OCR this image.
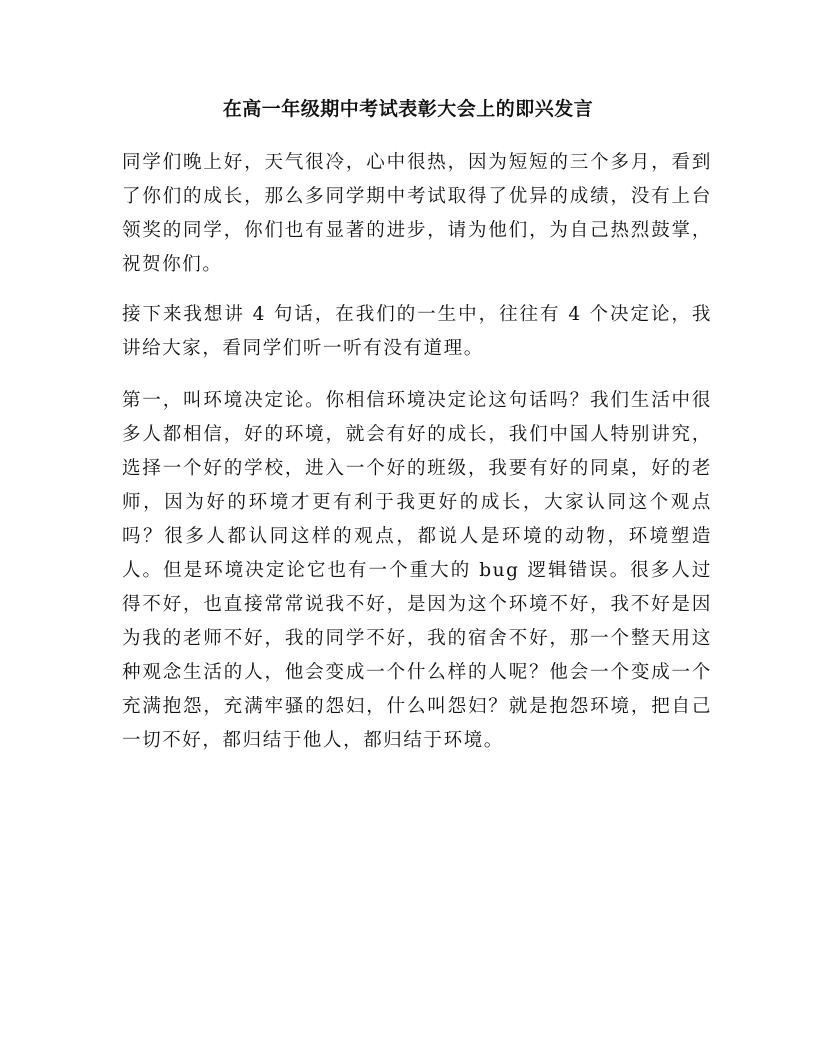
在高一年级期中考试表彰大会上的即兴发言

同学们晚上好，天气很冷，心中很热，因为短短的三个多月，看到了你们的成长，那么多同学期中考试取得了优异的成绩，没有上台领奖的同学，你们也有显著的进步，请为他们，为自己热烈鼓掌，祝贺你们。

接下来我想讲 4 句话，在我们的一生中，往往有 4 个决定论，我讲给大家，看同学们听一听有没有道理。

第一，叫环境决定论。你相信环境决定论这句话吗？我们生活中很多人都相信，好的环境，就会有好的成长，我们中国人特别讲究，选择一个好的学校，进入一个好的班级，我要有好的同桌，好的老师，因为好的环境才更有利于我更好的成长，大家认同这个观点吗？很多人都认同这样的观点，都说人是环境的动物，环境塑造人。但是环境决定论它也有一个重大的 bug 逻辑错误。很多人过得不好，也直接常常说我不好，是因为这个环境不好，我不好是因为我的老师不好，我的同学不好，我的宿舍不好，那一个整天用这种观念生活的人，他会变成一个什么样的人呢？他会一个变成一个充满抱怨，充满牢骚的怨妇，什么叫怨妇？就是抱怨环境，把自己一切不好，都归结于他人，都归结于环境。
